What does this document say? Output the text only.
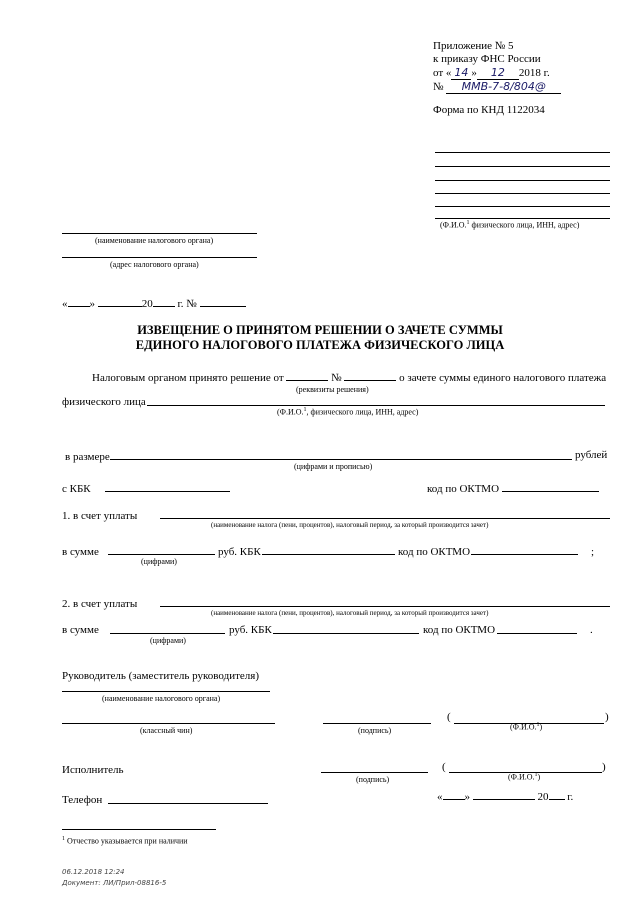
Приложение № 5
к приказу ФНС России
от « 14 » 12 2018 г.
№ ММВ-7-8/804@
Форма по КНД 1122034
(Ф.И.О.$^1$ физического лица, ИНН, адрес)
(наименование налогового органа)
(адрес налогового органа)
« »	20 г. №
ИЗВЕЩЕНИЕ О ПРИНЯТОМ РЕШЕНИИ О ЗАЧЕТЕ СУММЫ
ЕДИНОГО НАЛОГОВОГО ПЛАТЕЖА ФИЗИЧЕСКОГО ЛИЦА
Налоговым органом принято решение от	№	о зачете суммы единого налогового платежа
(реквизиты решения)
физического лица
(Ф.И.О.$^1$, физического лица, ИНН, адрес)
в размере	рублей
(цифрами и прописью)
с КБК	код по ОКТМО
1. в счет уплаты
(наименование налога (пени, процентов), налоговый период, за который производится зачет)
в сумме	руб. КБК	код по ОКТМО	;
(цифрами)
2. в счет уплаты
(наименование налога (пени, процентов), налоговый период, за который производится зачет)
в сумме	руб. КБК	код по ОКТМО	.
(цифрами)
Руководитель (заместитель руководителя)
(наименование налогового органа)
(классный чин)	(подпись)
(	)
(Ф.И.О.$^1$)
Исполнитель
(подпись)
(	)
(Ф.И.О.$^1$)
Телефон	« »	20 г.
$^1$ Отчество указывается при наличии
06.12.2018 12:24
Документ: ЛИ/Прил-08816-5
